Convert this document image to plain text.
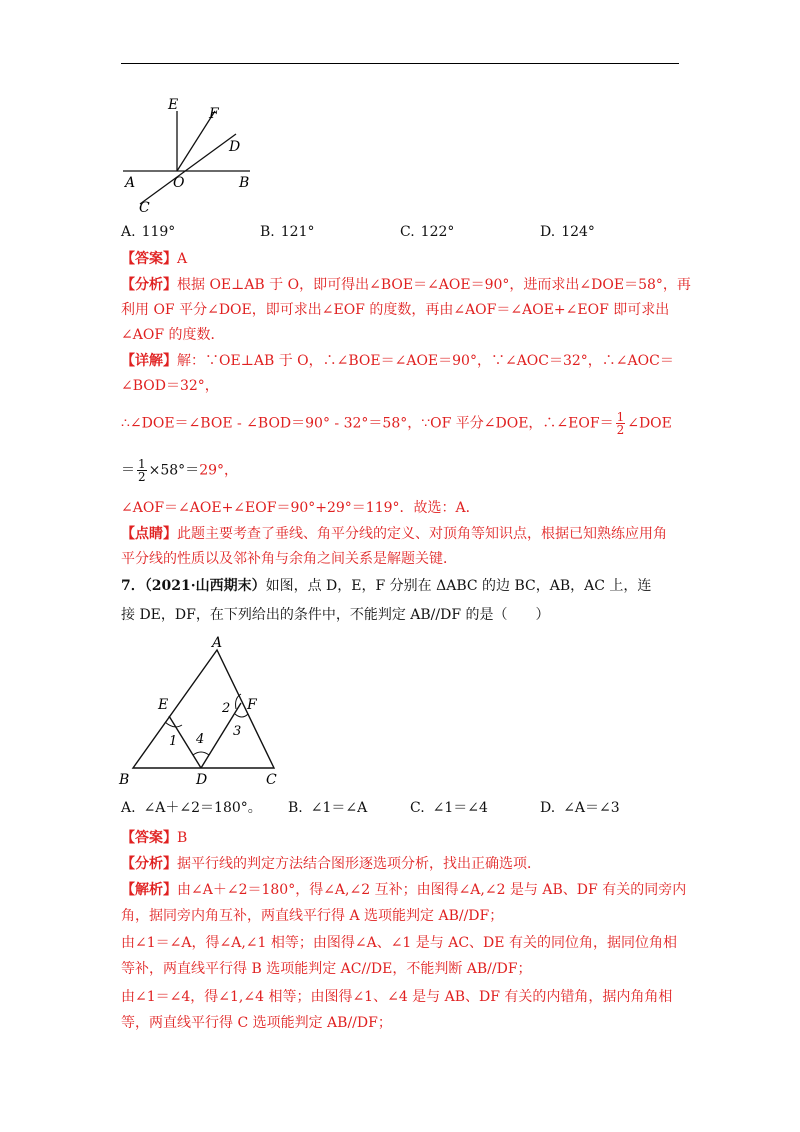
E
F
D
A	O	B
C
A. 119°	B. 121°	C. 122°	D. 124°
【答案】A
【分析】根据 OE⊥AB 于 O，即可得出∠BOE＝∠AOE＝90°，进而求出∠DOE＝58°，再
利用 OF 平分∠DOE，即可求出∠EOF 的度数，再由∠AOF＝∠AOE+∠EOF 即可求出
∠AOF 的度数．
【详解】解：∵OE⊥AB 于 O，∴∠BOE＝∠AOE＝90°，∵∠AOC＝32°，∴∠AOC＝
∠BOD＝32°，
∴∠DOE＝∠BOE - ∠BOD＝90° - 32°＝58°，∵OF 平分∠DOE，∴∠EOF＝ $\frac{1}{2}$ ∠DOE
＝ $\frac{1}{2} \times 58^\circ=29^\circ$，
∠AOF＝∠AOE+∠EOF＝90°+29°＝119°．故选：A．
【点睛】此题主要考查了垂线、角平分线的定义、对顶角等知识点，根据已知熟练应用角
平分线的性质以及邻补角与余角之间关系是解题关键．
7．（2021·山西期末）如图，点 D，E，F 分别在 ΔABC 的边 BC，AB，AC 上，连
接 DE，DF，在下列给出的条件中，不能判定 AB//DF 的是（　　）
A
E	F
B	D	C
1 4
2
3
A. ∠A＋∠2＝180°。 B. ∠1＝∠A	C. ∠1＝∠4	D. ∠A＝∠3
【答案】B
【分析】据平行线的判定方法结合图形逐选项分析，找出正确选项．
【解析】由∠A＋∠2＝180°，得∠A,∠2 互补；由图得∠A,∠2 是与 AB、DF 有关的同旁内
角，据同旁内角互补，两直线平行得 A 选项能判定 AB//DF；
由∠1＝∠A，得∠A,∠1 相等；由图得∠A、∠1 是与 AC、DE 有关的同位角，据同位角相
等补，两直线平行得 B 选项能判定 AC//DE，不能判断 AB//DF；
由∠1＝∠4，得∠1,∠4 相等；由图得∠1、∠4 是与 AB、DF 有关的内错角，据内角角相
等，两直线平行得 C 选项能判定 AB//DF；
